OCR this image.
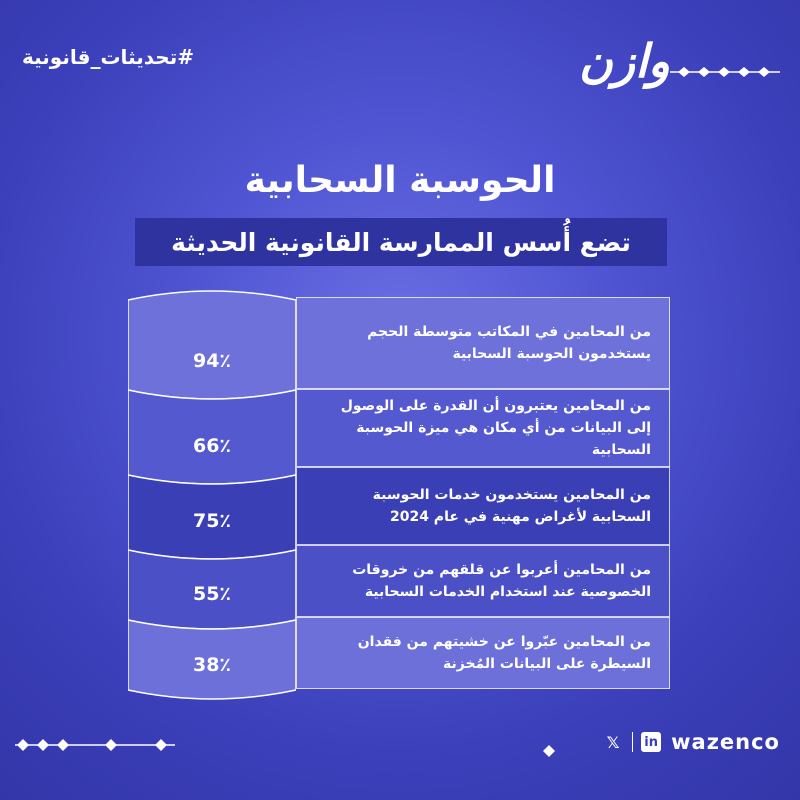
#تحديثات_قانونية	وازن
الحوسبة السحابية
تضع أُسس الممارسة القانونية الحديثة
94٪
66٪
75٪
55٪
38٪
من المحامين في المكاتب متوسطة الحجم يستخدمون الحوسبة السحابية
من المحامين يعتبرون أن القدرة على الوصول إلى البيانات من أي مكان هي ميزة الحوسبة السحابية
من المحامين يستخدمون خدمات الحوسبة السحابية لأغراض مهنية في عام 2024
من المحامين أعربوا عن قلقهم من خروقات الخصوصية عند استخدام الخدمات السحابية
من المحامين عبّروا عن خشيتهم من فقدان السيطرة على البيانات المُخزنة
𝕏	in wazenco
